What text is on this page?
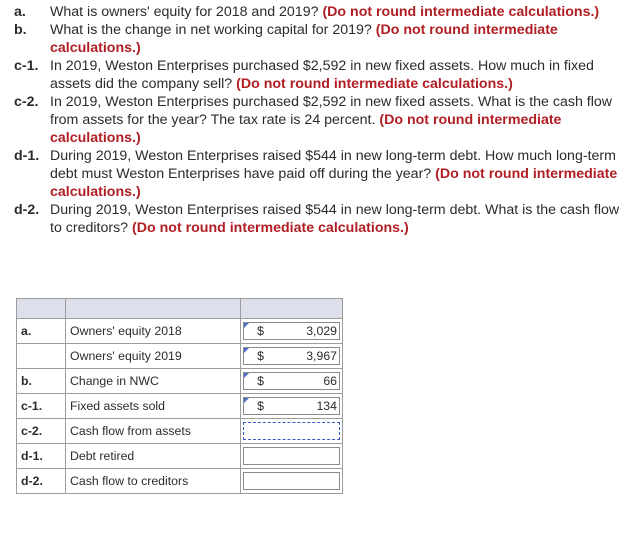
a.	What is owners' equity for 2018 and 2019? (Do not round intermediate calculations.)
b.	What is the change in net working capital for 2019? (Do not round intermediate calculations.)
c-1. In 2019, Weston Enterprises purchased $2,592 in new fixed assets. How much in fixed assets did the company sell? (Do not round intermediate calculations.)
c-2. In 2019, Weston Enterprises purchased $2,592 in new fixed assets. What is the cash flow from assets for the year? The tax rate is 24 percent. (Do not round intermediate calculations.)
d-1. During 2019, Weston Enterprises raised $544 in new long-term debt. How much long-term debt must Weston Enterprises have paid off during the year? (Do not round intermediate calculations.)
d-2. During 2019, Weston Enterprises raised $544 in new long-term debt. What is the cash flow to creditors? (Do not round intermediate calculations.)

a.	Owners' equity 2018	$ 3,029

	Owners' equity 2019	$ 3,967

b.	Change in NWC	$ 66

c-1.	Fixed assets sold	$ 134

c-2.	Cash flow from assets	

d-1.	Debt retired	

d-2.	Cash flow to creditors	
